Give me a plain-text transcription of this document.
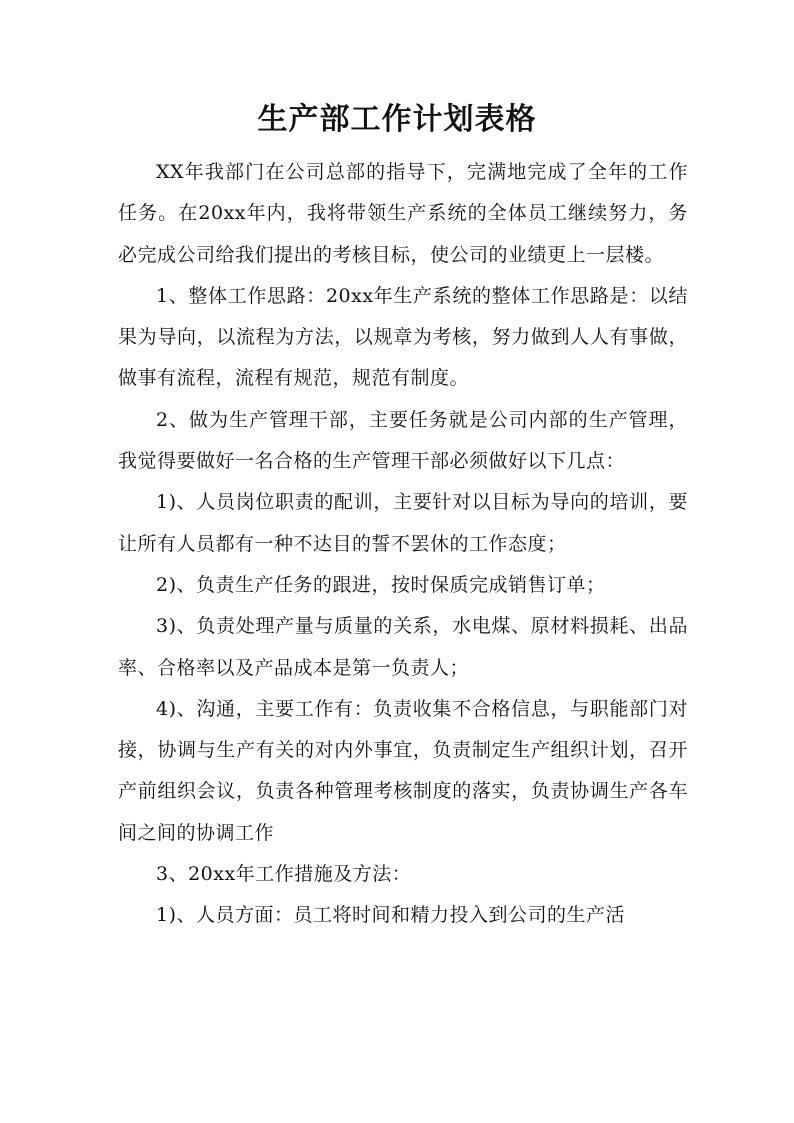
生产部工作计划表格

XX年我部门在公司总部的指导下，完满地完成了全年的工作任务。在20xx年内，我将带领生产系统的全体员工继续努力，务必完成公司给我们提出的考核目标，使公司的业绩更上一层楼。

1、整体工作思路：20xx年生产系统的整体工作思路是：以结果为导向，以流程为方法，以规章为考核，努力做到人人有事做，做事有流程，流程有规范，规范有制度。

2、做为生产管理干部，主要任务就是公司内部的生产管理，我觉得要做好一名合格的生产管理干部必须做好以下几点：

1)、人员岗位职责的配训，主要针对以目标为导向的培训，要让所有人员都有一种不达目的誓不罢休的工作态度；

2)、负责生产任务的跟进，按时保质完成销售订单；

3)、负责处理产量与质量的关系，水电煤、原材料损耗、出品率、合格率以及产品成本是第一负责人；

4)、沟通，主要工作有：负责收集不合格信息，与职能部门对接，协调与生产有关的对内外事宜，负责制定生产组织计划，召开产前组织会议，负责各种管理考核制度的落实，负责协调生产各车间之间的协调工作

3、20xx年工作措施及方法：

1)、人员方面：员工将时间和精力投入到公司的生产活
